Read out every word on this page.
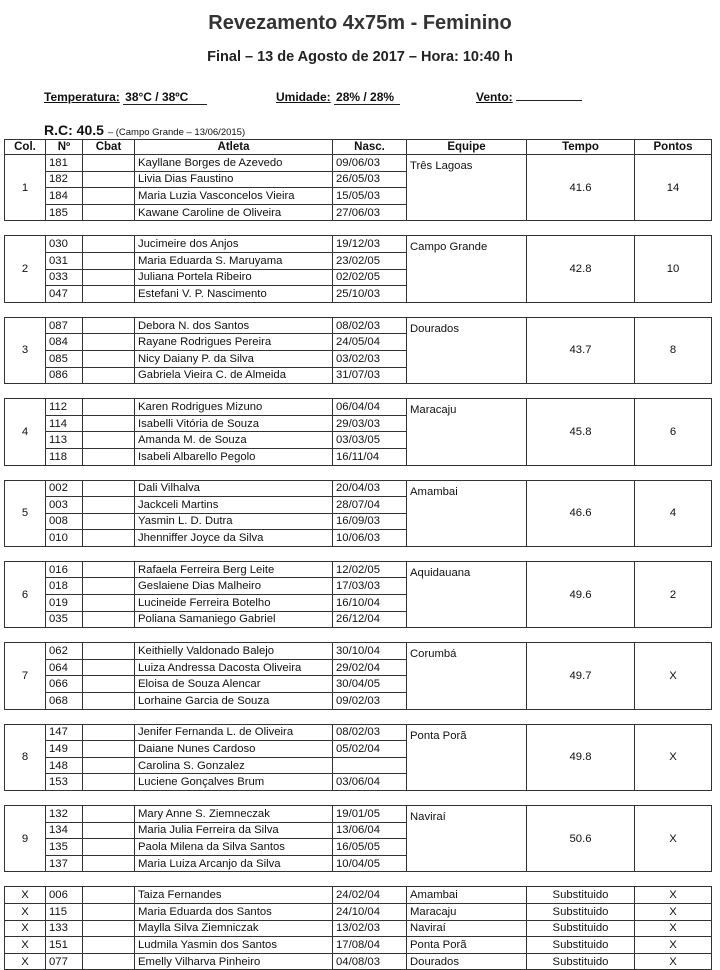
Revezamento 4x75m - Feminino
Final – 13 de Agosto de 2017 – Hora: 10:40 h
Temperatura: 38°C / 38ºC	Umidade: 28% / 28%	Vento:
R.C: 40.5 – (Campo Grande – 13/06/2015)
Col.	Nº	Cbat	Atleta	Nasc.	Equipe	Tempo	Pontos
1	181		Kayllane Borges de Azevedo	09/06/03	Três Lagoas	41.6	14
	182		Livia Dias Faustino	26/05/03			
	184		Maria Luzia Vasconcelos Vieira	15/05/03			
	185		Kawane Caroline de Oliveira	27/06/03			

2	030		Jucimeire dos Anjos	19/12/03	Campo Grande	42.8	10
	031		Maria Eduarda S. Maruyama	23/02/05			
	033		Juliana Portela Ribeiro	02/02/05			
	047		Estefani V. P. Nascimento	25/10/03			

3	087		Debora N. dos Santos	08/02/03	Dourados	43.7	8
	084		Rayane Rodrigues Pereira	24/05/04			
	085		Nicy Daiany P. da Silva	03/02/03			
	086		Gabriela Vieira C. de Almeida	31/07/03			

4	112		Karen Rodrigues Mizuno	06/04/04	Maracaju	45.8	6
	114		Isabelli Vitória de Souza	29/03/03			
	113		Amanda M. de Souza	03/03/05			
	118		Isabeli Albarello Pegolo	16/11/04			

5	002		Dali Vilhalva	20/04/03	Amambai	46.6	4
	003		Jackceli Martins	28/07/04			
	008		Yasmin L. D. Dutra	16/09/03			
	010		Jhenniffer Joyce da Silva	10/06/03			

6	016		Rafaela Ferreira Berg Leite	12/02/05	Aquidauana	49.6	2
	018		Geslaiene Dias Malheiro	17/03/03			
	019		Lucineide Ferreira Botelho	16/10/04			
	035		Poliana Samaniego Gabriel	26/12/04			

7	062		Keithielly Valdonado Balejo	30/10/04	Corumbá	49.7	X
	064		Luiza Andressa Dacosta Oliveira	29/02/04			
	066		Eloisa de Souza Alencar	30/04/05			
	068		Lorhaine Garcia de Souza	09/02/03			

8	147		Jenifer Fernanda L. de Oliveira	08/02/03	Ponta Porã	49.8	X
	149		Daiane Nunes Cardoso	05/02/04			
	148		Carolina S. Gonzalez				
	153		Luciene Gonçalves Brum	03/06/04			

9	132		Mary Anne S. Ziemneczak	19/01/05	Naviraí	50.6	X
	134		Maria Julia Ferreira da Silva	13/06/04			
	135		Paola Milena da Silva Santos	16/05/05			
	137		Maria Luiza Arcanjo da Silva	10/04/05			

X	006		Taiza Fernandes	24/02/04	Amambai	Substituido	X
X	115		Maria Eduarda dos Santos	24/10/04	Maracaju	Substituido	X
X	133		Maylla Silva Ziemniczak	13/02/03	Naviraí	Substituido	X
X	151		Ludmila Yasmin dos Santos	17/08/04	Ponta Porã	Substituido	X
X	077		Emelly Vilharva Pinheiro	04/08/03	Dourados	Substituido	X
